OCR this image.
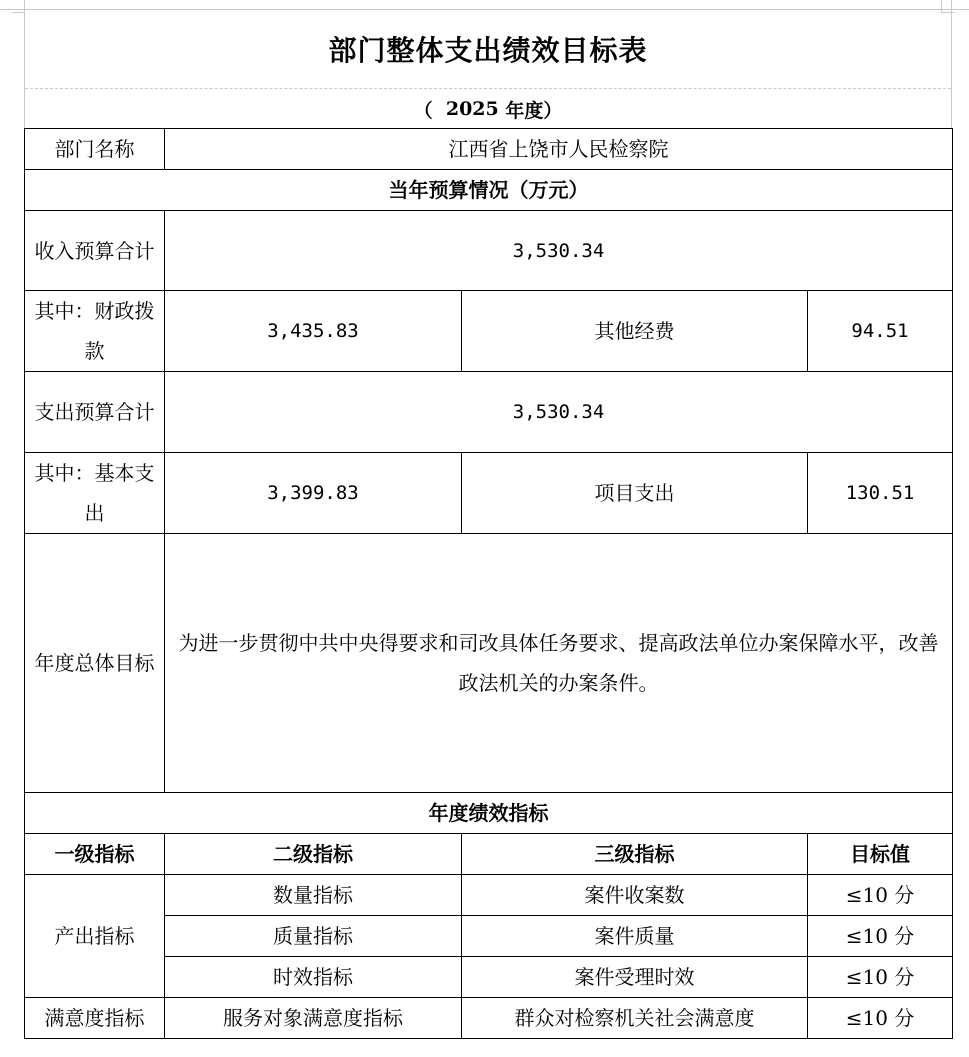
部门整体支出绩效目标表
（
2025
年度 ）
部门名称	江西省上饶市人民检察院		
当年预算情况（万元）			
收入预算合计	3,530.34		
其中：财政拨款	3,435.83	其他经费	94.51
支出预算合计	3,530.34		
其中：基本支出	3,399.83	项目支出	130.51
年度总体目标	为进一步贯彻中共中央得要求和司改具体任务要求、提高政法单位办案保障水平，改善政法机关的办案条件。		
年度绩效指标			
一级指标	二级指标	三级指标	目标值
产出指标	数量指标	案件收案数	≤10 分
	质量指标	案件质量	≤10 分
	时效指标	案件受理时效	≤10 分
满意度指标	服务对象满意度指标	群众对检察机关社会满意度	≤10 分
